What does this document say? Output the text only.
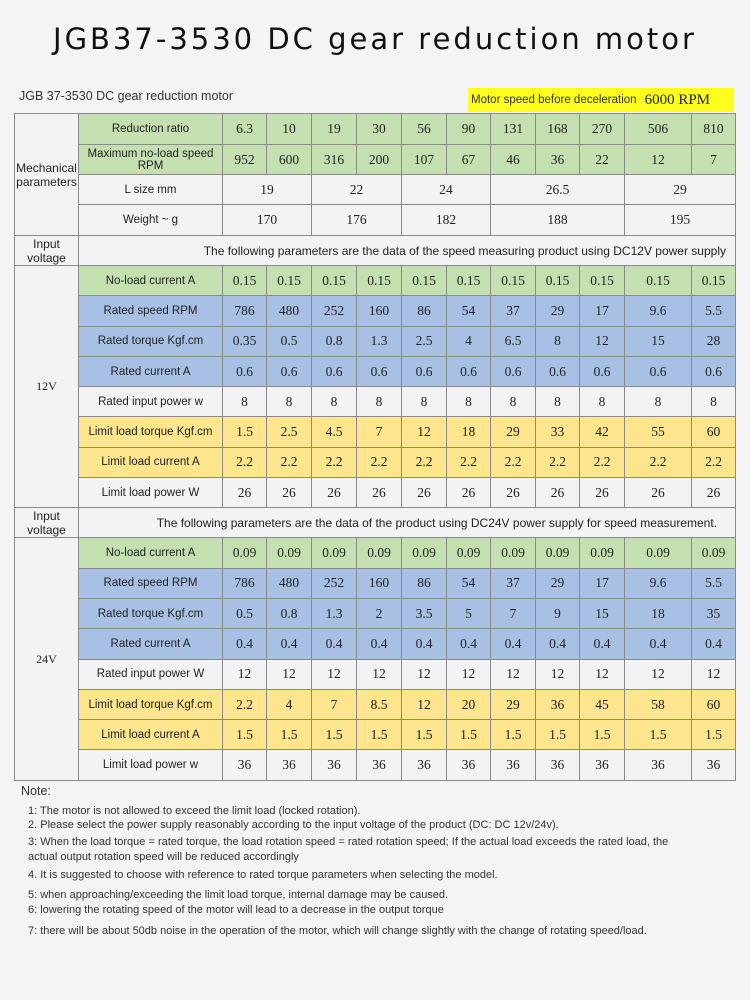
JGB37-3530 DC gear reduction motor
JGB 37-3530 DC gear reduction motor	Motor speed before deceleration 6000 RPM
Mechanical parameters	Reduction ratio	6.3	10	19	30	56	90	131	168	270	506	810
	Maximum no-load speed RPM	952	600	316	200	107	67	46	36	22	12	7
	L size mm	19		22		24		26.5			29	
	Weight ~ g	170		176		182		188			195	
Input voltage	The following parameters are the data of the speed measuring product using DC12V power supply											
12V	No-load current A	0.15	0.15	0.15	0.15	0.15	0.15	0.15	0.15	0.15	0.15	0.15
	Rated speed RPM	786	480	252	160	86	54	37	29	17	9.6	5.5
	Rated torque Kgf.cm	0.35	0.5	0.8	1.3	2.5	4	6.5	8	12	15	28
	Rated current A	0.6	0.6	0.6	0.6	0.6	0.6	0.6	0.6	0.6	0.6	0.6
	Rated input power w	8	8	8	8	8	8	8	8	8	8	8
	Limit load torque Kgf.cm	1.5	2.5	4.5	7	12	18	29	33	42	55	60
	Limit load current A	2.2	2.2	2.2	2.2	2.2	2.2	2.2	2.2	2.2	2.2	2.2
	Limit load power W	26	26	26	26	26	26	26	26	26	26	26
Input voltage	The following parameters are the data of the product using DC24V power supply for speed measurement.											
24V	No-load current A	0.09	0.09	0.09	0.09	0.09	0.09	0.09	0.09	0.09	0.09	0.09
	Rated speed RPM	786	480	252	160	86	54	37	29	17	9.6	5.5
	Rated torque Kgf.cm	0.5	0.8	1.3	2	3.5	5	7	9	15	18	35
	Rated current A	0.4	0.4	0.4	0.4	0.4	0.4	0.4	0.4	0.4	0.4	0.4
	Rated input power W	12	12	12	12	12	12	12	12	12	12	12
	Limit load torque Kgf.cm	2.2	4	7	8.5	12	20	29	36	45	58	60
	Limit load current A	1.5	1.5	1.5	1.5	1.5	1.5	1.5	1.5	1.5	1.5	1.5
	Limit load power w	36	36	36	36	36	36	36	36	36	36	36
Note:
1: The motor is not allowed to exceed the limit load (locked rotation).
2. Please select the power supply reasonably according to the input voltage of the product (DC: DC 12v/24v).
3: When the load torque = rated torque, the load rotation speed = rated rotation speed; If the actual load exceeds the rated load, the
actual output rotation speed will be reduced accordingly
4. It is suggested to choose with reference to rated torque parameters when selecting the model.
5: when approaching/exceeding the limit load torque, internal damage may be caused.
6: lowering the rotating speed of the motor will lead to a decrease in the output torque
7: there will be about 50db noise in the operation of the motor, which will change slightly with the change of rotating speed/load.
